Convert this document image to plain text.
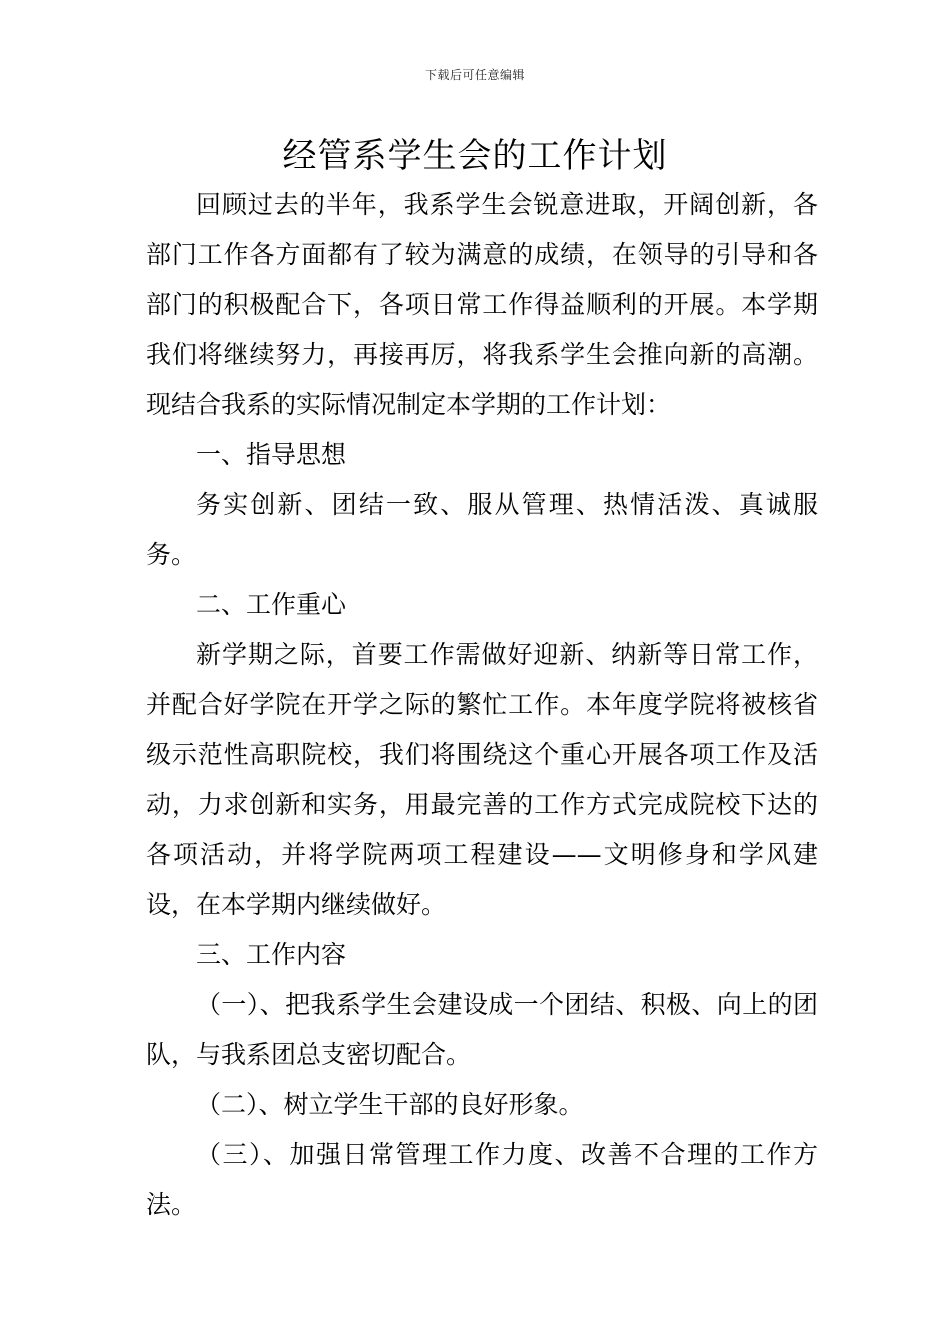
下载后可任意编辑
经管系学生会的工作计划

回顾过去的半年，我系学生会锐意进取，开阔创新，各部门工作各方面都有了较为满意的成绩，在领导的引导和各部门的积极配合下，各项日常工作得益顺利的开展。本学期我们将继续努力，再接再厉，将我系学生会推向新的高潮。现结合我系的实际情况制定本学期的工作计划：

一、指导思想

务实创新、团结一致、服从管理、热情活泼、真诚服务。

二、工作重心

新学期之际，首要工作需做好迎新、纳新等日常工作，并配合好学院在开学之际的繁忙工作。本年度学院将被核省级示范性高职院校，我们将围绕这个重心开展各项工作及活动，力求创新和实务，用最完善的工作方式完成院校下达的各项活动，并将学院两项工程建设——文明修身和学风建设，在本学期内继续做好。

三、工作内容

（一）、把我系学生会建设成一个团结、积极、向上的团队，与我系团总支密切配合。

（二）、树立学生干部的良好形象。

（三）、加强日常管理工作力度、改善不合理的工作方法。
